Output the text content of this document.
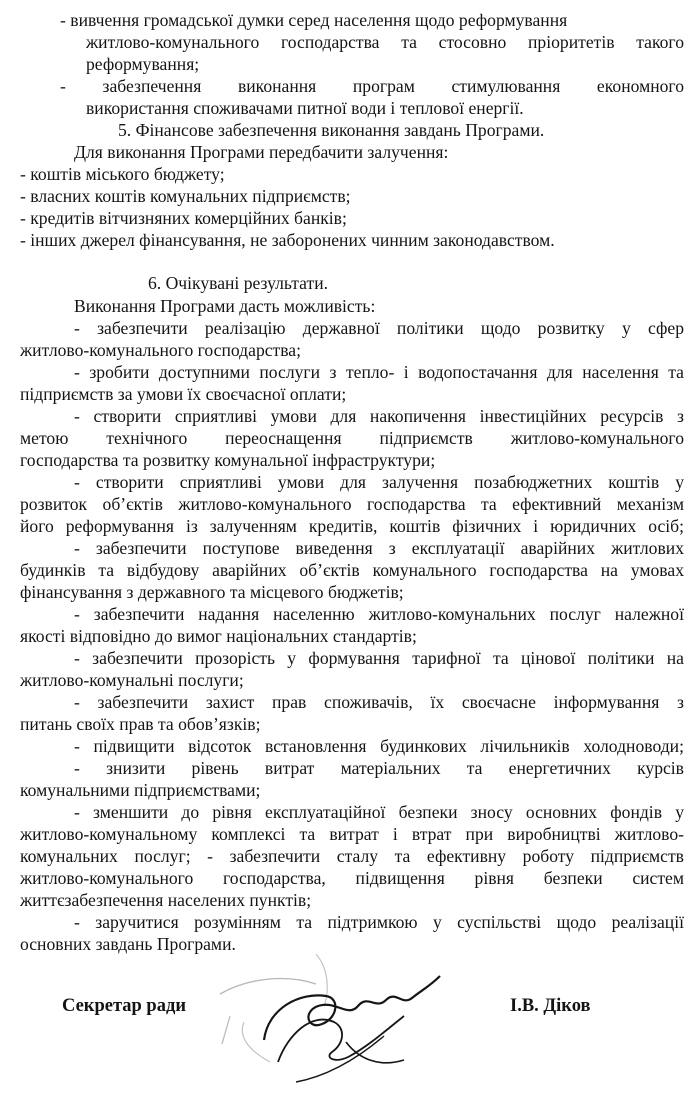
- вивчення громадської думки серед населення щодо реформування
житлово-комунального господарства та стосовно пріоритетів такого
реформування;
- забезпечення виконання програм стимулювання економного
використання споживачами питної води і теплової енергії.
5. Фінансове забезпечення виконання завдань Програми.
Для виконання Програми передбачити залучення:
- коштів міського бюджету;
- власних коштів комунальних підприємств;
- кредитів вітчизняних комерційних банків;
- інших джерел фінансування, не заборонених чинним законодавством.
6. Очікувані результати.
Виконання Програми дасть можливість:
- забезпечити реалізацію державної політики щодо розвитку у сфер
житлово-комунального господарства;
- зробити доступними послуги з тепло- і водопостачання для населення та
підприємств за умови їх своєчасної оплати;
- створити сприятливі умови для накопичення інвестиційних ресурсів з
метою технічного переоснащення підприємств житлово-комунального
господарства та розвитку комунальної інфраструктури;
- створити сприятливі умови для залучення позабюджетних коштів у
розвиток об’єктів житлово-комунального господарства та ефективний механізм
його реформування із залученням кредитів, коштів фізичних і юридичних осіб;
- забезпечити поступове виведення з експлуатації аварійних житлових
будинків та відбудову аварійних об’єктів комунального господарства на умовах
фінансування з державного та місцевого бюджетів;
- забезпечити надання населенню житлово-комунальних послуг належної
якості відповідно до вимог національних стандартів;
- забезпечити прозорість у формування тарифної та цінової політики на
житлово-комунальні послуги;
- забезпечити захист прав споживачів, їх своєчасне інформування з
питань своїх прав та обов’язків;
- підвищити відсоток встановлення будинкових лічильників холодноводи;
- знизити рівень витрат матеріальних та енергетичних курсів
комунальними підприємствами;
- зменшити до рівня експлуатаційної безпеки зносу основних фондів у
житлово-комунальному комплексі та витрат і втрат при виробництві житлово-
комунальних послуг; - забезпечити сталу та ефективну роботу підприємств
житлово-комунального господарства, підвищення рівня безпеки систем
життєзабезпечення населених пунктів;
- заручитися розумінням та підтримкою у суспільстві щодо реалізації
основних завдань Програми.
Секретар ради	І.В. Діков
